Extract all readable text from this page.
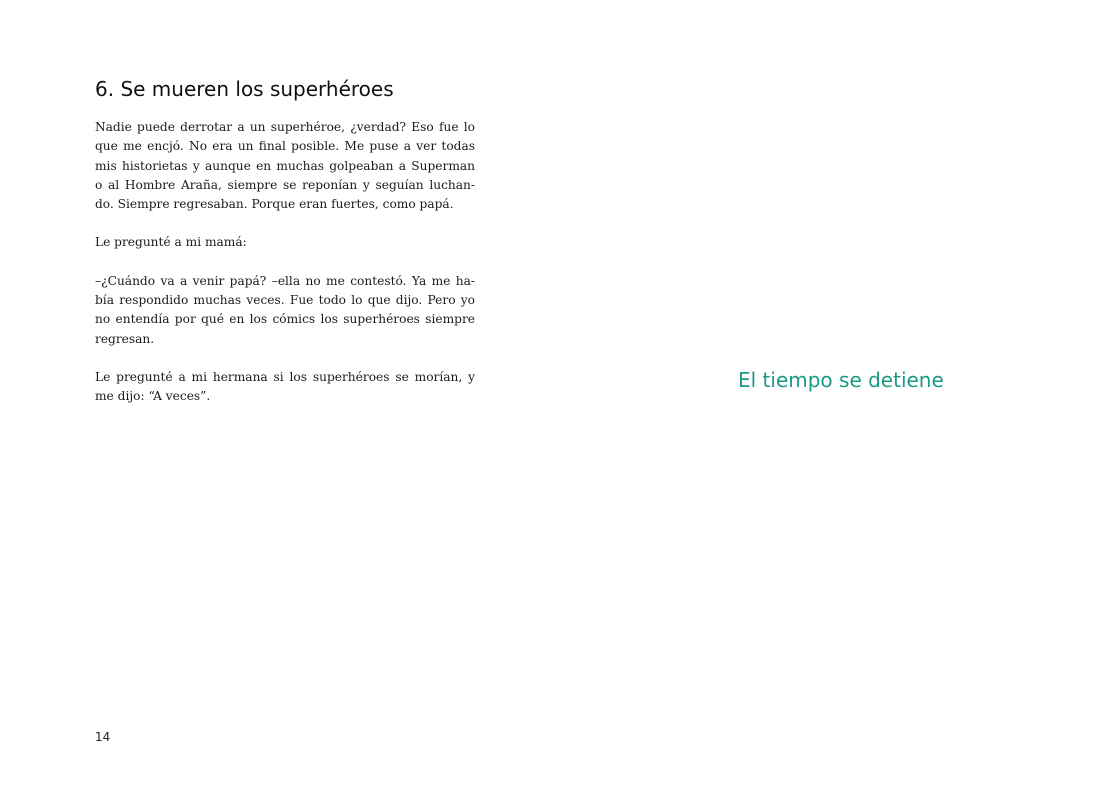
6. Se mueren los superhéroes

Nadie puede derrotar a un superhéroe, ¿verdad? Eso fue lo
que me encjó. No era un final posible. Me puse a ver todas
mis historietas y aunque en muchas golpeaban a Superman
o al Hombre Araña, siempre se reponían y seguían luchan-
do. Siempre regresaban. Porque eran fuertes, como papá.

Le pregunté a mi mamá:

–¿Cuándo va a venir papá? –ella no me contestó. Ya me ha-
bía respondido muchas veces. Fue todo lo que dijo. Pero yo
no entendía por qué en los cómics los superhéroes siempre
regresan.

Le pregunté a mi hermana si los superhéroes se morían, y
me dijo: “A veces”.

14
El tiempo se detiene
